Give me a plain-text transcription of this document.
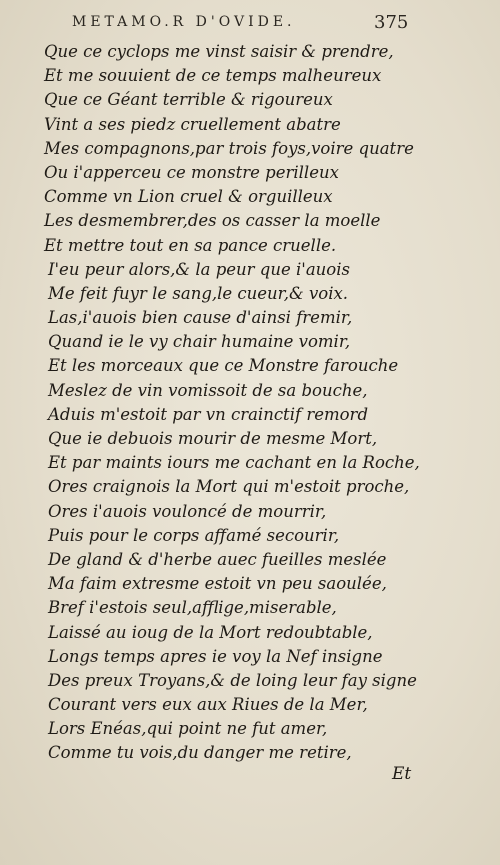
METAMO.R D'OVIDE.	375
Que ce cyclops me vinst saisir & prendre,
Et me souuient de ce temps malheureux
Que ce Géant terrible & rigoureux
Vint a ses piedz cruellement abatre
Mes compagnons,par trois foys,voire quatre
Ou i'apperceu ce monstre perilleux
Comme vn Lion cruel & orguilleux
Les desmembrer,des os casser la moelle
Et mettre tout en sa pance cruelle.
I'eu peur alors,& la peur que i'auois
Me feit fuyr le sang,le cueur,& voix.
Las,i'auois bien cause d'ainsi fremir,
Quand ie le vy chair humaine vomir,
Et les morceaux que ce Monstre farouche
Meslez de vin vomissoit de sa bouche,
Aduis m'estoit par vn crainctif remord
Que ie debuois mourir de mesme Mort,
Et par maints iours me cachant en la Roche,
Ores craignois la Mort qui m'estoit proche,
Ores i'auois vouloncé de mourrir,
Puis pour le corps affamé secourir,
De gland & d'herbe auec fueilles meslée
Ma faim extresme estoit vn peu saoulée,
Bref i'estois seul,afflige,miserable,
Laissé au ioug de la Mort redoubtable,
Longs temps apres ie voy la Nef insigne
Des preux Troyans,& de loing leur fay signe
Courant vers eux aux Riues de la Mer,
Lors Enéas,qui point ne fut amer,
Comme tu vois,du danger me retire,
Et
